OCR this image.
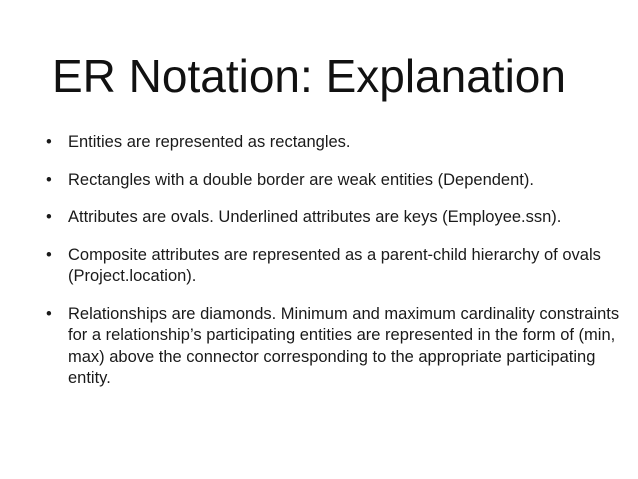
ER Notation: Explanation
• Entities are represented as rectangles.
• Rectangles with a double border are weak entities (Dependent).
• Attributes are ovals. Underlined attributes are keys (Employee.ssn).
• Composite attributes are represented as a parent-child hierarchy of ovals (Project.location).
• Relationships are diamonds. Minimum and maximum cardinality constraints for a relationship’s participating entities are represented in the form of (min, max) above the connector corresponding to the appropriate participating entity.
